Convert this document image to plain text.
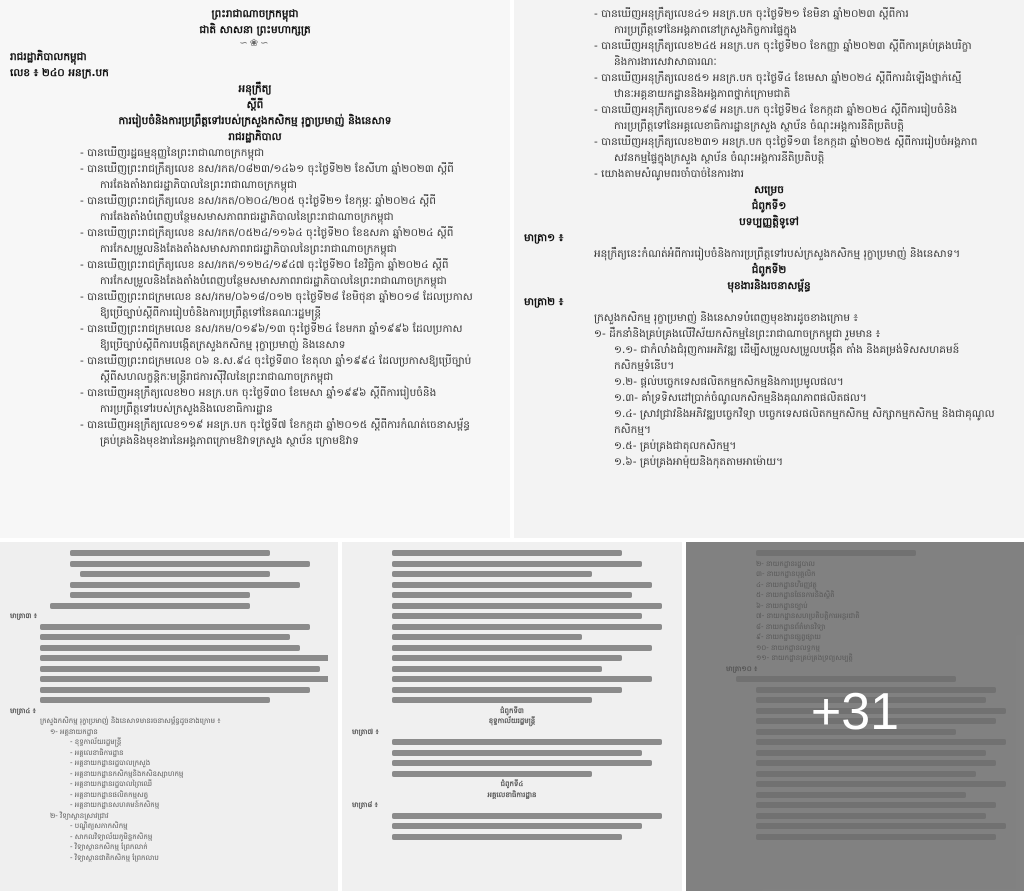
ព្រះរាជាណាចក្រកម្ពុជា
ជាតិ សាសនា ព្រះមហាក្សត្រ
∽❀∽
រាជរដ្ឋាភិបាលកម្ពុជា
លេខ ៖ ២៤០ អនក្រ.បក
អនុក្រឹត្យ
ស្តីពី
ការរៀបចំនិងការប្រព្រឹត្តទៅរបស់ក្រសួងកសិកម្ម រុក្ខាប្រមាញ់ និងនេសាទ
រាជរដ្ឋាភិបាល
- បានឃើញរដ្ឋធម្មនុញ្ញនៃព្រះរាជាណាចក្រកម្ពុជា
- បានឃើញព្រះរាជក្រឹត្យលេខ នស/រកត/០៨២៣/១៤៦១ ចុះថ្ងៃទី២២ ខែសីហា ឆ្នាំ២០២៣ ស្តីពី
ការតែងតាំងរាជរដ្ឋាភិបាលនៃព្រះរាជាណាចក្រកម្ពុជា
- បានឃើញព្រះរាជក្រឹត្យលេខ នស/រកត/០២០៤/២០៥ ចុះថ្ងៃទី២១ ខែកុម្ភៈ ឆ្នាំ២០២៤ ស្តីពី
ការតែងតាំងបំពេញបន្ថែមសមាសភាពរាជរដ្ឋាភិបាលនៃព្រះរាជាណាចក្រកម្ពុជា
- បានឃើញព្រះរាជក្រឹត្យលេខ នស/រកត/០៥២៤/១១៦៤ ចុះថ្ងៃទី២០ ខែឧសភា ឆ្នាំ២០២៤ ស្តីពី
ការកែសម្រួលនិងតែងតាំងសមាសភាពរាជរដ្ឋាភិបាលនៃព្រះរាជាណាចក្រកម្ពុជា
- បានឃើញព្រះរាជក្រឹត្យលេខ នស/រកត/១១២៤/១៩៤៧ ចុះថ្ងៃទី២០ ខែវិច្ឆិកា ឆ្នាំ២០២៤ ស្តីពី
ការកែសម្រួលនិងតែងតាំងបំពេញបន្ថែមសមាសភាពរាជរដ្ឋាភិបាលនៃព្រះរាជាណាចក្រកម្ពុជា
- បានឃើញព្រះរាជក្រមលេខ នស/រកម/០៦១៨/០១២ ចុះថ្ងៃទី២៨ ខែមិថុនា ឆ្នាំ២០១៨ ដែលប្រកាស
ឱ្យប្រើច្បាប់ស្តីពីការរៀបចំនិងការប្រព្រឹត្តទៅនៃគណៈរដ្ឋមន្ត្រី
- បានឃើញព្រះរាជក្រមលេខ នស/រកម/០១៩៦/១៣ ចុះថ្ងៃទី២៤ ខែមករា ឆ្នាំ១៩៩៦ ដែលប្រកាស
ឱ្យប្រើច្បាប់ស្តីពីការបង្កើតក្រសួងកសិកម្ម រុក្ខាប្រមាញ់ និងនេសាទ
- បានឃើញព្រះរាជក្រមលេខ ០៦ ន.ស.៩៤ ចុះថ្ងៃទី៣០ ខែតុលា ឆ្នាំ១៩៩៤ ដែលប្រកាសឱ្យប្រើច្បាប់
ស្តីពីសហលក្ខន្តិកៈមន្ត្រីរាជការស៊ីវិលនៃព្រះរាជាណាចក្រកម្ពុជា
- បានឃើញអនុក្រឹត្យលេខ២០ អនក្រ.បក ចុះថ្ងៃទី៣០ ខែមេសា ឆ្នាំ១៩៩៦ ស្តីពីការរៀបចំនិង
ការប្រព្រឹត្តទៅរបស់ក្រសួងនិងលេខាធិការដ្ឋាន
- បានឃើញអនុក្រឹត្យលេខ១១៩ អនក្រ.បក ចុះថ្ងៃទី៧ ខែកក្កដា ឆ្នាំ២០១៥ ស្តីពីការកំណត់ចេនាសម្ព័ន្ធ
គ្រប់គ្រងនិងមុខងារនៃអង្គភាពក្រោមឱវាទក្រសួង ស្ថាប័ន ក្រោមឱវាទ
- បានឃើញអនុក្រឹត្យលេខ៤១ អនក្រ.បក ចុះថ្ងៃទី២១ ខែមិនា ឆ្នាំ២០២៣ ស្តីពីការ
ការប្រព្រឹត្តទៅនៃអង្គភាពនៅក្រសួងកិច្ចការផ្ទៃក្នុង
- បានឃើញអនុក្រឹត្យលេខ២៤៥ អនក្រ.បក ចុះថ្ងៃទី២០ ខែកញ្ញា ឆ្នាំ២០២៣ ស្តីពីការគ្រប់គ្រងបរិក្ខា
និងការងារសេវាសាធារណៈ
- បានឃើញអនុក្រឹត្យលេខ៥១ អនក្រ.បក ចុះថ្ងៃទី៤ ខែមេសា ឆ្នាំ២០២៤ ស្តីពីការដំឡើងថ្នាក់ស្មើ
ឋានៈអគ្គនាយកដ្ឋាននិងអង្គភាពថ្នាក់ក្រោមជាតិ
- បានឃើញអនុក្រឹត្យលេខ១៩៨ អនក្រ.បក ចុះថ្ងៃទី២៤ ខែកក្កដា ឆ្នាំ២០២៤ ស្តីពីការរៀបចំនិង
ការប្រព្រឹត្តទៅនៃអគ្គលេខាធិការដ្ឋានក្រសួង ស្ថាប័ន ចំណុះអង្គការនីតិប្រតិបត្តិ
- បានឃើញអនុក្រឹត្យលេខ២៣១ អនក្រ.បក ចុះថ្ងៃទី១៣ ខែកក្កដា ឆ្នាំ២០២៥ ស្តីពីការរៀបចំអង្គភាព
សវនកម្មផ្ទៃក្នុងក្រសួង ស្ថាប័ន ចំណុះអង្គការនីតិប្រតិបត្តិ
- យោងតាមសំណូមពរចាំបាច់នៃការងារ
សម្រេច
ជំពូកទី១
បទប្បញ្ញត្តិទូទៅ
មាត្រា១ ៖
អនុក្រឹត្យនេះកំណត់អំពីការរៀបចំនិងការប្រព្រឹត្តទៅរបស់ក្រសួងកសិកម្ម រុក្ខាប្រមាញ់ និងនេសាទ។
ជំពូកទី២
មុខងារនិងរចនាសម្ព័ន្ធ
មាត្រា២ ៖
ក្រសួងកសិកម្ម រុក្ខាប្រមាញ់ និងនេសាទបំពេញមុខងារដូចខាងក្រោម ៖
១- ដឹកនាំនិងគ្រប់គ្រងលើវិស័យកសិកម្មនៃព្រះរាជាណាចក្រកម្ពុជា រួមមាន ៖
១.១- ជាកំលាំងជំរុញការអភិវឌ្ឍ ដើម្បីសម្រួលសម្រួលបង្កើត តាំង និងគម្រង់ទិសសហគមន៍
កសិកម្មទំនើប។
១.២- ផ្តល់បច្ចេកទេសផលិតកម្មកសិកម្មនិងការប្រមូលផល។
១.៣- គាំទ្រទិសដៅប្រាក់ចំណូលកសិកម្មនិងគុណភាពផលិតផល។
១.៤- ស្រាវជ្រាវនិងអភិវឌ្ឍបច្ចេកវិទ្យា បច្ចេកទេសផលិតកម្មកសិកម្ម សិក្សាកម្មកសិកម្ម និងជាគុណូល
កសិកម្ម។
១.៥- គ្រប់គ្រងជាតុលកសិកម្ម។
១.៦- គ្រប់គ្រងអាម៉ុយនិងកុតតាមអាម៉ោយ។
មាត្រា៣ ៖
មាត្រា៤ ៖
ក្រសួងកសិកម្ម រុក្ខាប្រមាញ់ និងនេសាទមានរចនាសម្ព័ន្ធដូចខាងក្រោម ៖
១- អគ្គនាយកដ្ឋាន
- ខុទ្ទកាល័យរដ្ឋមន្ត្រី
- អគ្គលេខាធិការដ្ឋាន
- អគ្គនាយកដ្ឋានរដ្ឋបាលក្រសួង
- អគ្គនាយកដ្ឋានកសិកម្មនិងកសិឧស្សាហកម្ម
- អគ្គនាយកដ្ឋានរដ្ឋបាលព្រៃឈើ
- អគ្គនាយកដ្ឋានផលិតកម្មសត្វ
- អគ្គនាយកដ្ឋានសហគមន៍កសិកម្ម
២- វិទ្យាស្ថានស្រាវជ្រាវ
- បណ្ឌិត្យសភាកសិកម្ម
- សាកលវិទ្យាល័យភូមិន្ទកសិកម្ម
- វិទ្យាស្ថានកសិកម្ម ព្រែកលាក់
- វិទ្យាស្ថានជាតិកសិកម្ម ព្រែកលាប
ជំពូកទី៣
ខុទ្ទកាល័យរដ្ឋមន្ត្រី
មាត្រា៧ ៖
ជំពូកទី៤
អគ្គលេខាធិការដ្ឋាន
មាត្រា៨ ៖
+31
